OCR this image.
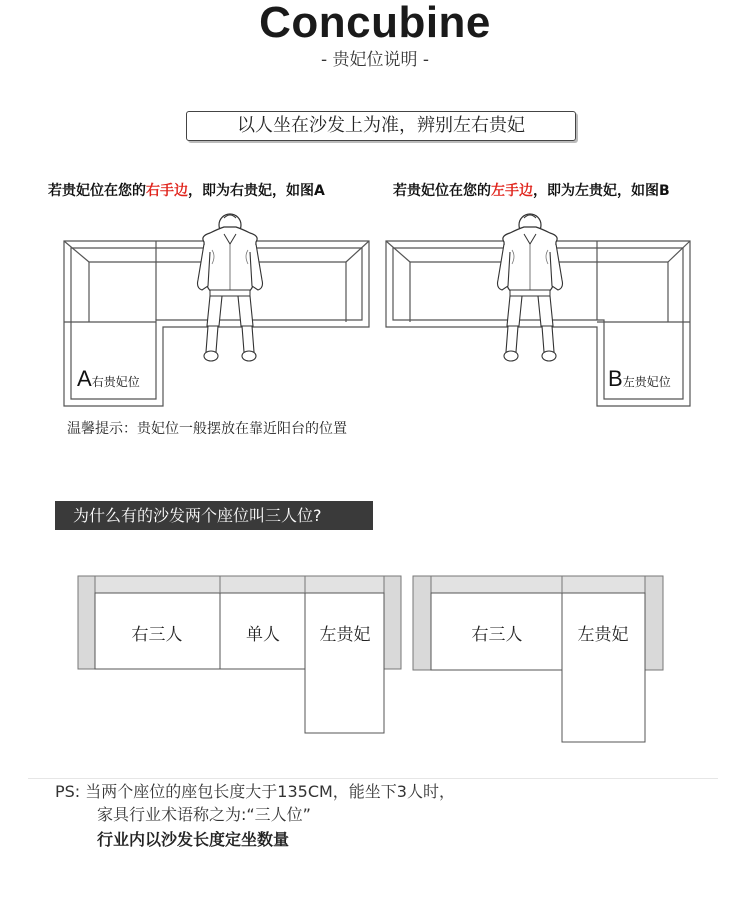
Concubine
- 贵妃位说明 -
以人坐在沙发上为准，辨别左右贵妃
若贵妃位在您的右手边，即为右贵妃，如图A	若贵妃位在您的左手边，即为左贵妃，如图B
A右贵妃位	B左贵妃位
温馨提示：贵妃位一般摆放在靠近阳台的位置
为什么有的沙发两个座位叫三人位?
右三人	单人 左贵妃	右三人	左贵妃
PS: 当两个座位的座包长度大于135CM，能坐下3人时，
家具行业术语称之为:“三人位”
行业内以沙发长度定坐数量
